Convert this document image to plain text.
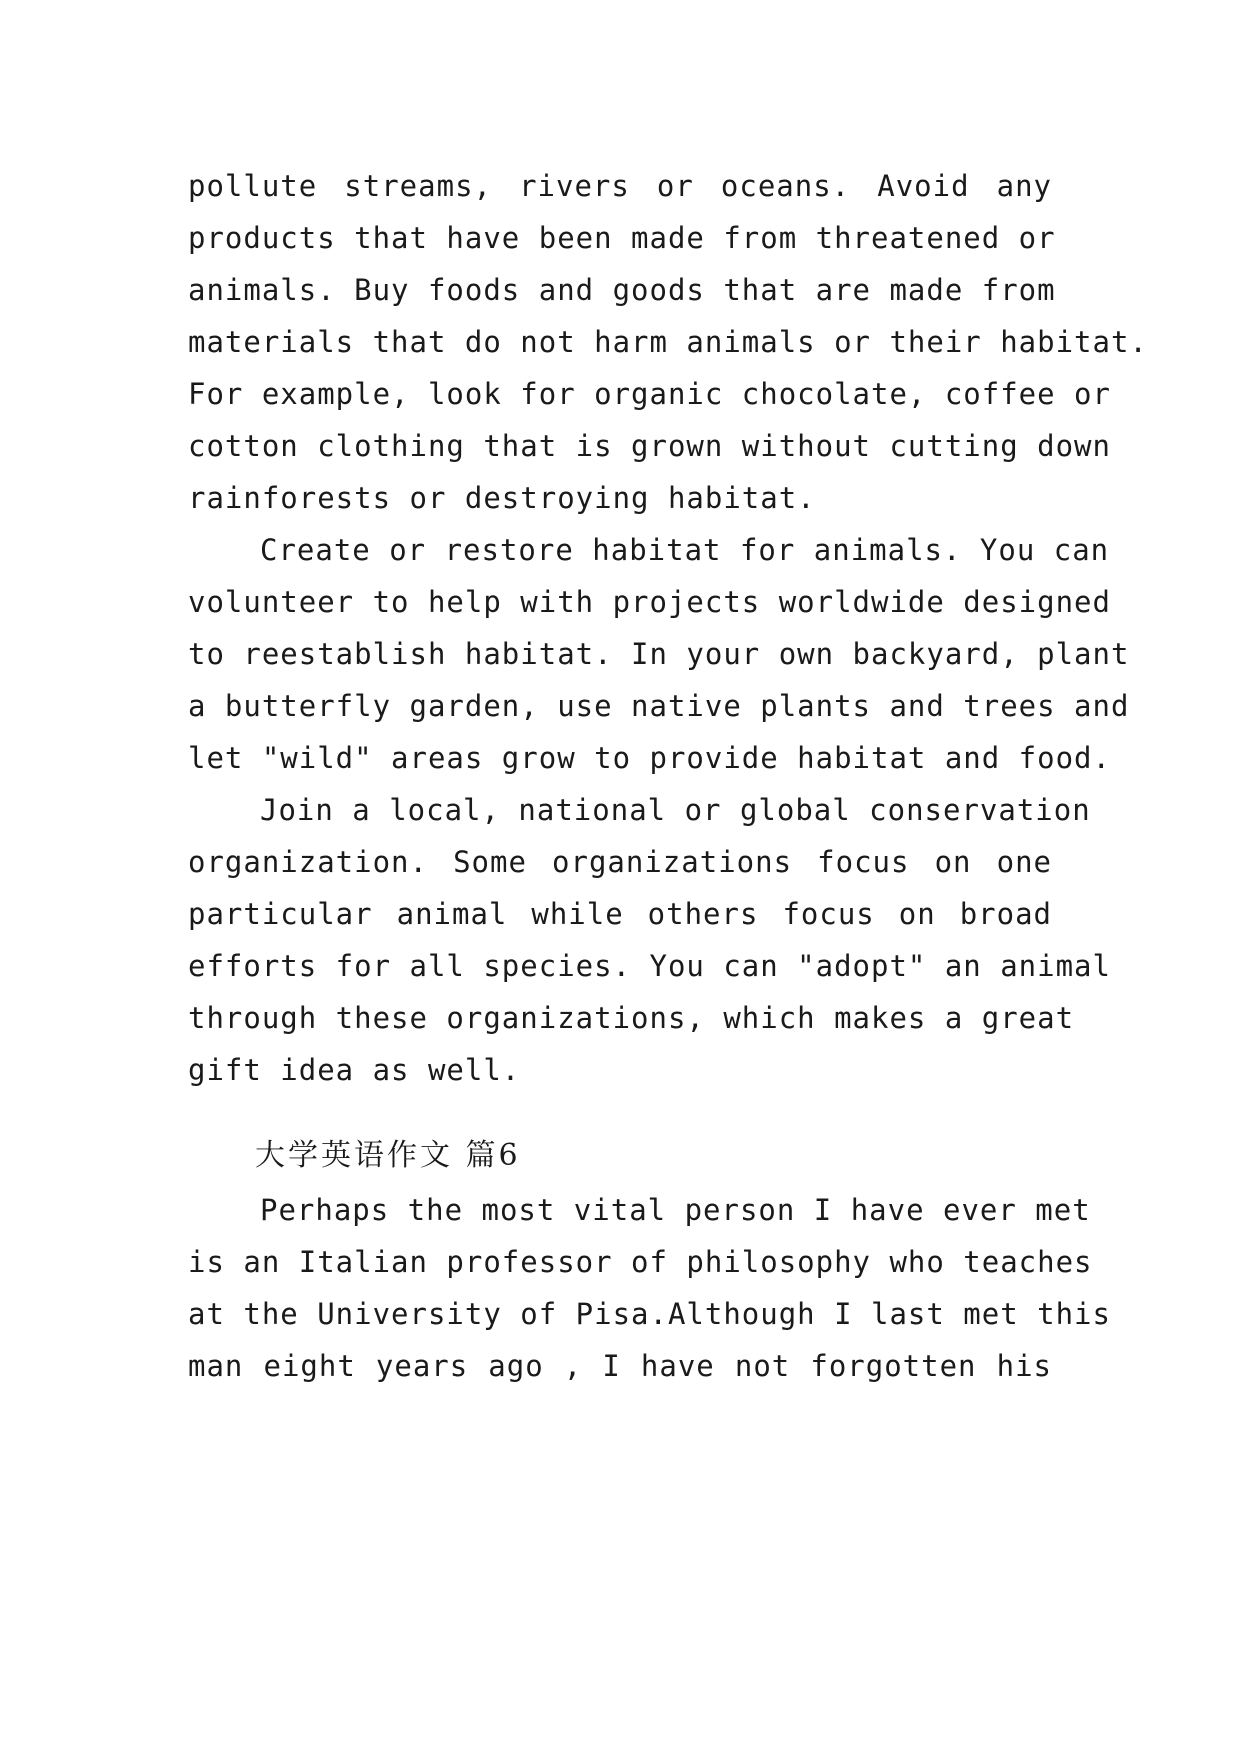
pollute streams, rivers or oceans. Avoid any
products that have been made from threatened or
animals. Buy foods and goods that are made from
materials that do not harm animals or their habitat.
For example, look for organic chocolate, coffee or
cotton clothing that is grown without cutting down
rainforests or destroying habitat.
Create or restore habitat for animals. You can
volunteer to help with projects worldwide designed
to reestablish habitat. In your own backyard, plant
a butterfly garden, use native plants and trees and
let "wild" areas grow to provide habitat and food.
Join a local, national or global conservation
organization. Some organizations focus on one
particular animal while others focus on broad
efforts for all species. You can "adopt" an animal
through these organizations, which makes a great
gift idea as well.
大学英语作文 篇6
Perhaps the most vital person I have ever met
is an Italian professor of philosophy who teaches
at the University of Pisa.Although I last met this
man eight years ago , I have not forgotten his
